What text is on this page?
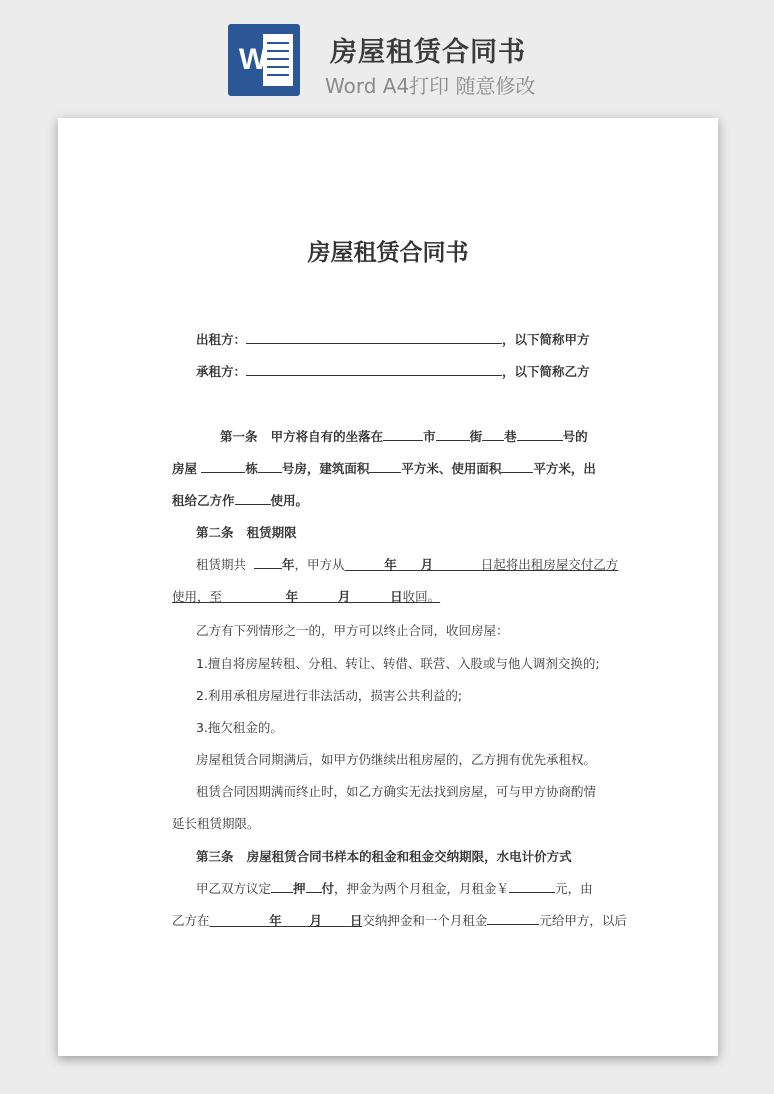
W 房屋租赁合同书
Word A4打印 随意修改
房屋租赁合同书
出租方：	，以下简称甲方
承租方：	，以下简称乙方
第一条 甲方将自有的坐落在	市	街 巷	号的
房屋	栋 号房，建筑面积	平方米、使用面积	平方米，出
租给乙方作	使用。
第二条 租赁期限
租赁期共	年，甲方从	年 月	日起将出租房屋交付乙方
使用，至	年	月	日收回。
乙方有下列情形之一的，甲方可以终止合同，收回房屋：
1.擅自将房屋转租、分租、转让、转借、联营、入股或与他人调剂交换的;
2.利用承租房屋进行非法活动，损害公共利益的;
3.拖欠租金的。
房屋租赁合同期满后，如甲方仍继续出租房屋的，乙方拥有优先承租权。
租赁合同因期满而终止时，如乙方确实无法找到房屋，可与甲方协商酌情
延长租赁期限。
第三条 房屋租赁合同书样本的租金和租金交纳期限，水电计价方式
甲乙双方议定 押 付，押金为两个月租金，月租金￥	元，由
乙方在	年 月 日交纳押金和一个月租金	元给甲方，以后
